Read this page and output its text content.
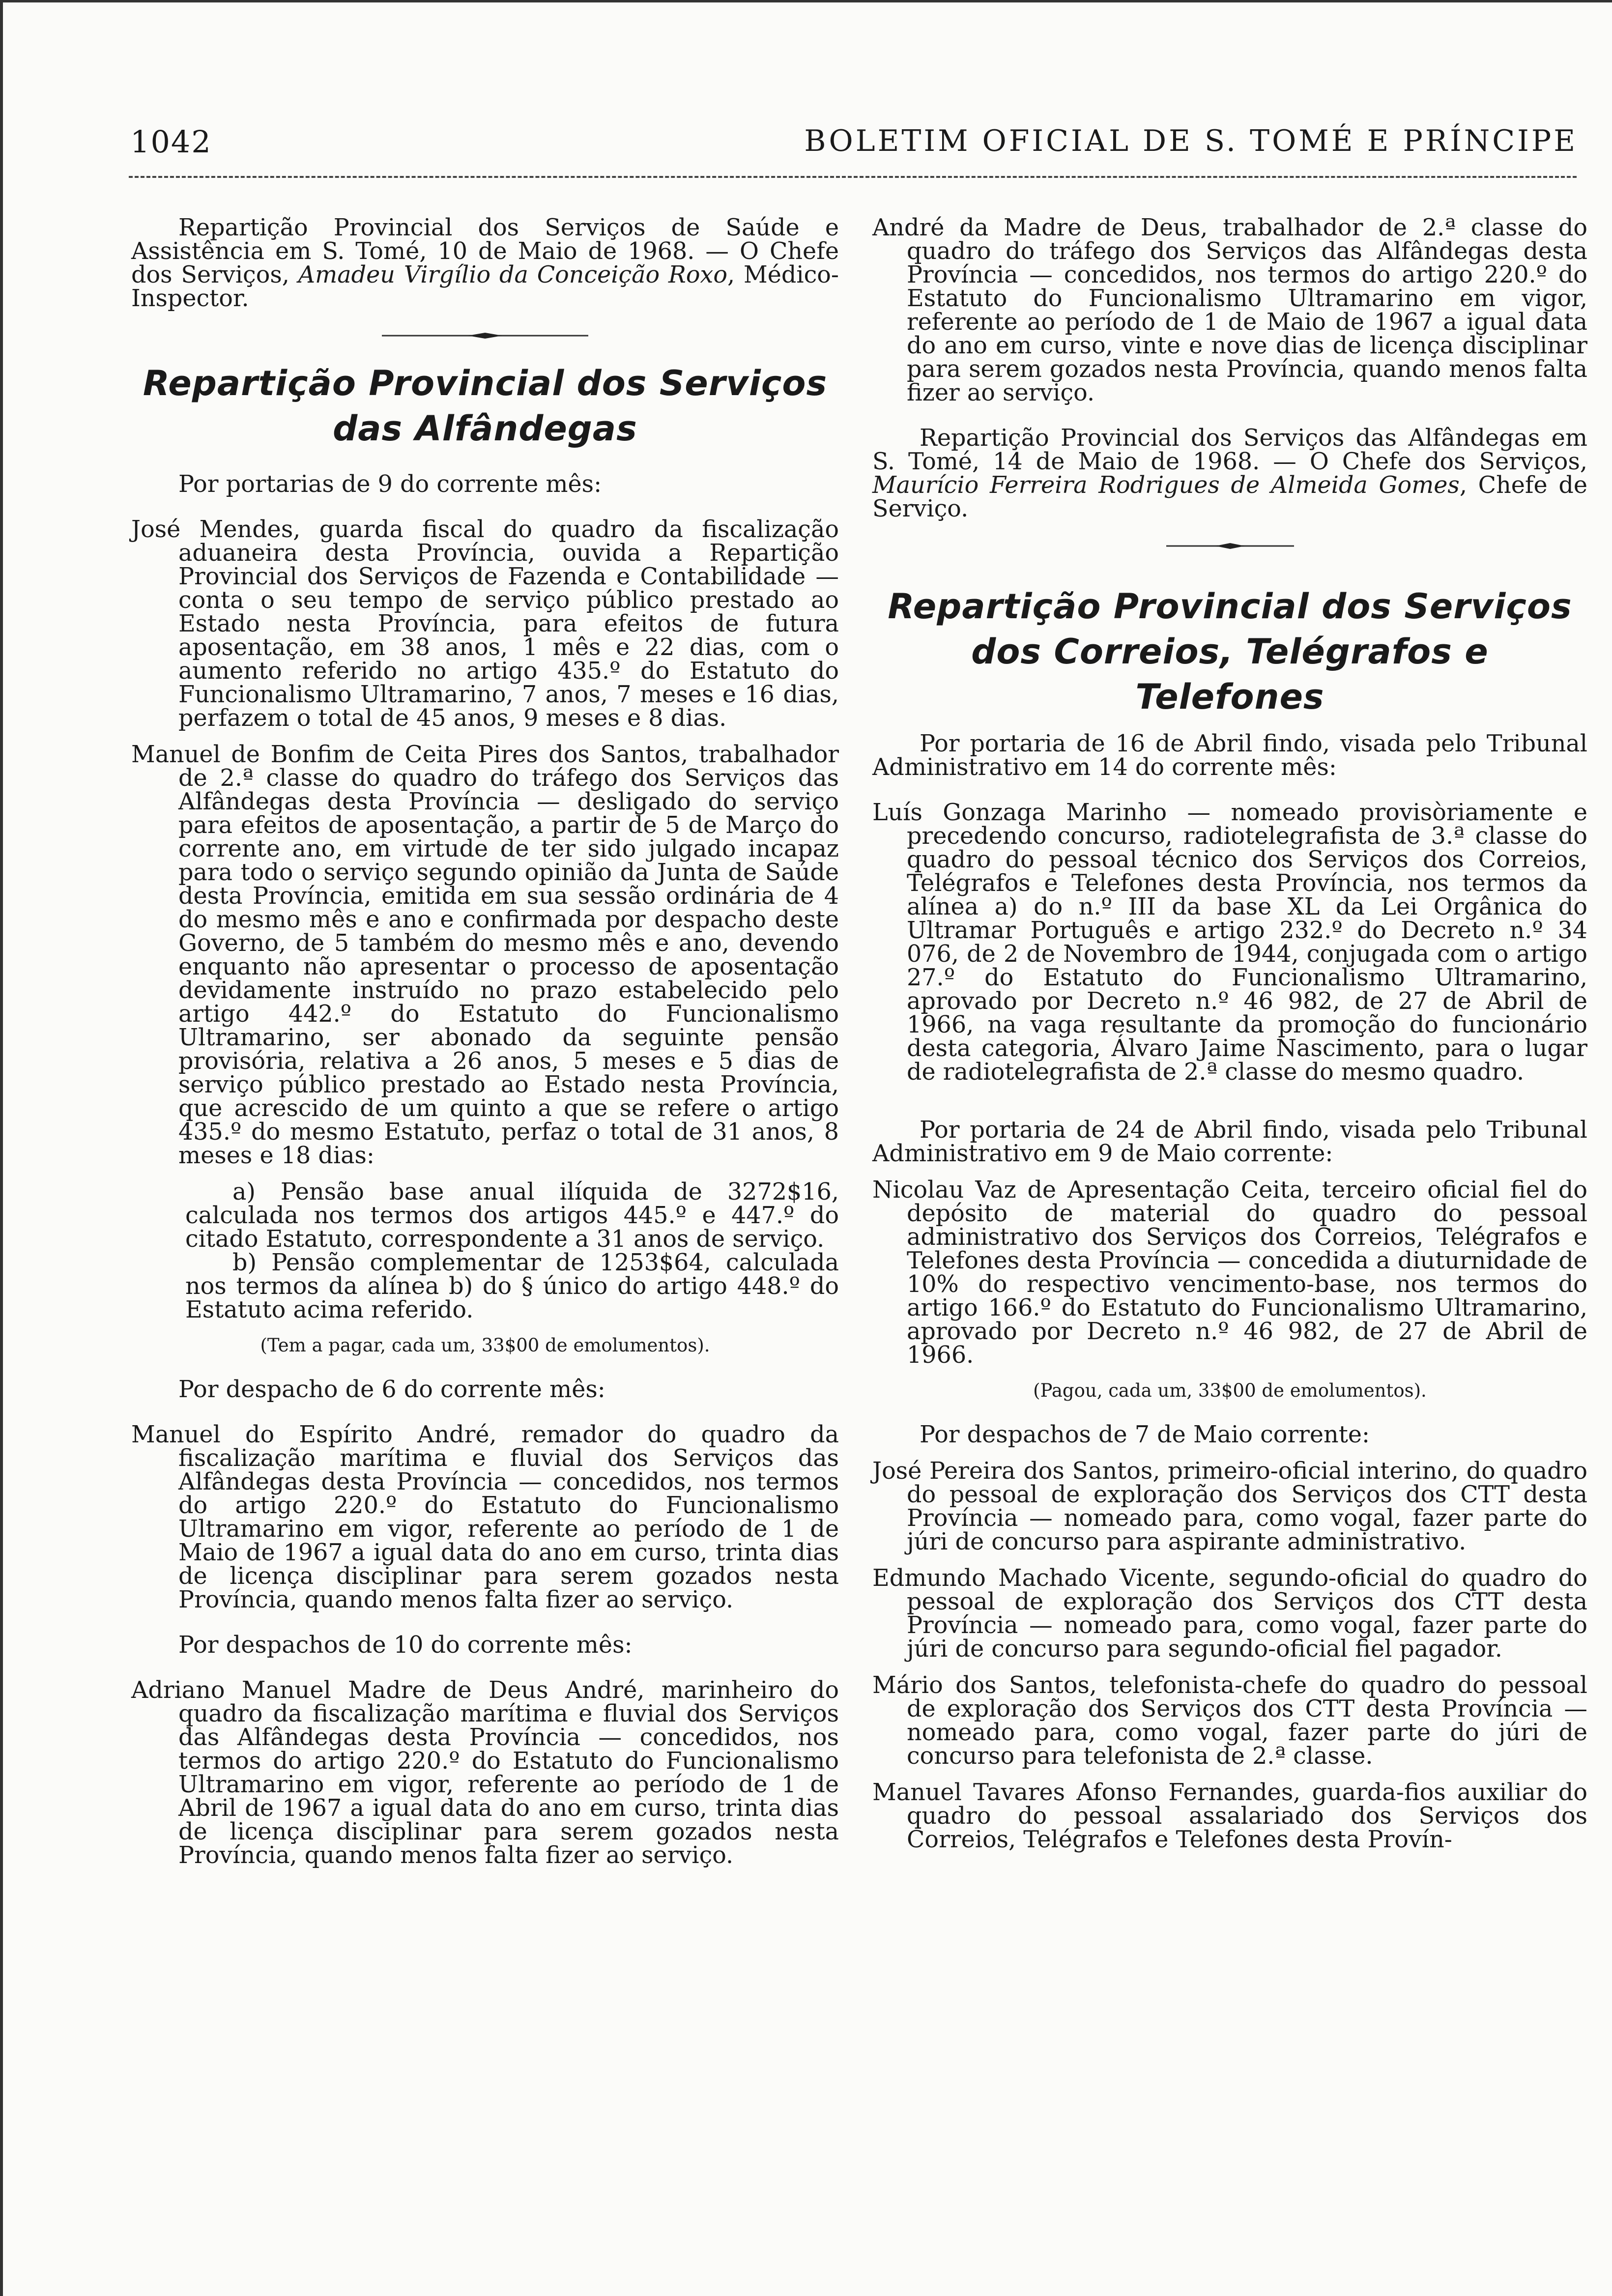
1042	BOLETIM OFICIAL DE S. TOMÉ E PRÍNCIPE

Repartição Provincial dos Serviços de Saúde e Assistência em S. Tomé, 10 de Maio de 1968. — O Chefe dos Serviços, Amadeu Virgílio da Conceição Roxo, Médico-Inspector.

Repartição Provincial dos Serviços
das Alfândegas

Por portarias de 9 do corrente mês:

José Mendes, guarda fiscal do quadro da fiscalização aduaneira desta Província, ouvida a Repartição Provincial dos Serviços de Fazenda e Contabilidade — conta o seu tempo de serviço público prestado ao Estado nesta Província, para efeitos de futura aposentação, em 38 anos, 1 mês e 22 dias, com o aumento referido no artigo 435.º do Estatuto do Funcionalismo Ultramarino, 7 anos, 7 meses e 16 dias, perfazem o total de 45 anos, 9 meses e 8 dias.

Manuel de Bonfim de Ceita Pires dos Santos, trabalhador de 2.ª classe do quadro do tráfego dos Serviços das Alfândegas desta Província — desligado do serviço para efeitos de aposentação, a partir de 5 de Março do corrente ano, em virtude de ter sido julgado incapaz para todo o serviço segundo opinião da Junta de Saúde desta Província, emitida em sua sessão ordinária de 4 do mesmo mês e ano e confirmada por despacho deste Governo, de 5 também do mesmo mês e ano, devendo enquanto não apresentar o processo de aposentação devidamente instruído no prazo estabelecido pelo artigo 442.º do Estatuto do Funcionalismo Ultramarino, ser abonado da seguinte pensão provisória, relativa a 26 anos, 5 meses e 5 dias de serviço público prestado ao Estado nesta Província, que acrescido de um quinto a que se refere o artigo 435.º do mesmo Estatuto, perfaz o total de 31 anos, 8 meses e 18 dias:

a) Pensão base anual ilíquida de 3272$16, calculada nos termos dos artigos 445.º e 447.º do citado Estatuto, correspondente a 31 anos de serviço.

b) Pensão complementar de 1253$64, calculada nos termos da alínea b) do § único do artigo 448.º do Estatuto acima referido.

(Tem a pagar, cada um, 33$00 de emolumentos).

Por despacho de 6 do corrente mês:

Manuel do Espírito André, remador do quadro da fiscalização marítima e fluvial dos Serviços das Alfândegas desta Província — concedidos, nos termos do artigo 220.º do Estatuto do Funcionalismo Ultramarino em vigor, referente ao período de 1 de Maio de 1967 a igual data do ano em curso, trinta dias de licença disciplinar para serem gozados nesta Província, quando menos falta fizer ao serviço.

Por despachos de 10 do corrente mês:

Adriano Manuel Madre de Deus André, marinheiro do quadro da fiscalização marítima e fluvial dos Serviços das Alfândegas desta Província — concedidos, nos termos do artigo 220.º do Estatuto do Funcionalismo Ultramarino em vigor, referente ao período de 1 de Abril de 1967 a igual data do ano em curso, trinta dias de licença disciplinar para serem gozados nesta Província, quando menos falta fizer ao serviço.

André da Madre de Deus, trabalhador de 2.ª classe do quadro do tráfego dos Serviços das Alfândegas desta Província — concedidos, nos termos do artigo 220.º do Estatuto do Funcionalismo Ultramarino em vigor, referente ao período de 1 de Maio de 1967 a igual data do ano em curso, vinte e nove dias de licença disciplinar para serem gozados nesta Província, quando menos falta fizer ao serviço.

Repartição Provincial dos Serviços das Alfândegas em S. Tomé, 14 de Maio de 1968. — O Chefe dos Serviços, Maurício Ferreira Rodrigues de Almeida Gomes, Chefe de Serviço.

Repartição Provincial dos Serviços
dos Correios, Telégrafos e Telefones

Por portaria de 16 de Abril findo, visada pelo Tribunal Administrativo em 14 do corrente mês:

Luís Gonzaga Marinho — nomeado provisòriamente e precedendo concurso, radiotelegrafista de 3.ª classe do quadro do pessoal técnico dos Serviços dos Correios, Telégrafos e Telefones desta Província, nos termos da alínea a) do n.º III da base XL da Lei Orgânica do Ultramar Português e artigo 232.º do Decreto n.º 34 076, de 2 de Novembro de 1944, conjugada com o artigo 27.º do Estatuto do Funcionalismo Ultramarino, aprovado por Decreto n.º 46 982, de 27 de Abril de 1966, na vaga resultante da promoção do funcionário desta categoria, Álvaro Jaime Nascimento, para o lugar de radiotelegrafista de 2.ª classe do mesmo quadro.

Por portaria de 24 de Abril findo, visada pelo Tribunal Administrativo em 9 de Maio corrente:

Nicolau Vaz de Apresentação Ceita, terceiro oficial fiel do depósito de material do quadro do pessoal administrativo dos Serviços dos Correios, Telégrafos e Telefones desta Província — concedida a diuturnidade de 10% do respectivo vencimento-base, nos termos do artigo 166.º do Estatuto do Funcionalismo Ultramarino, aprovado por Decreto n.º 46 982, de 27 de Abril de 1966.

(Pagou, cada um, 33$00 de emolumentos).

Por despachos de 7 de Maio corrente:

José Pereira dos Santos, primeiro-oficial interino, do quadro do pessoal de exploração dos Serviços dos CTT desta Província — nomeado para, como vogal, fazer parte do júri de concurso para aspirante administrativo.

Edmundo Machado Vicente, segundo-oficial do quadro do pessoal de exploração dos Serviços dos CTT desta Província — nomeado para, como vogal, fazer parte do júri de concurso para segundo-oficial fiel pagador.

Mário dos Santos, telefonista-chefe do quadro do pessoal de exploração dos Serviços dos CTT desta Província — nomeado para, como vogal, fazer parte do júri de concurso para telefonista de 2.ª classe.

Manuel Tavares Afonso Fernandes, guarda-fios auxiliar do quadro do pessoal assalariado dos Serviços dos Correios, Telégrafos e Telefones desta Provín-
